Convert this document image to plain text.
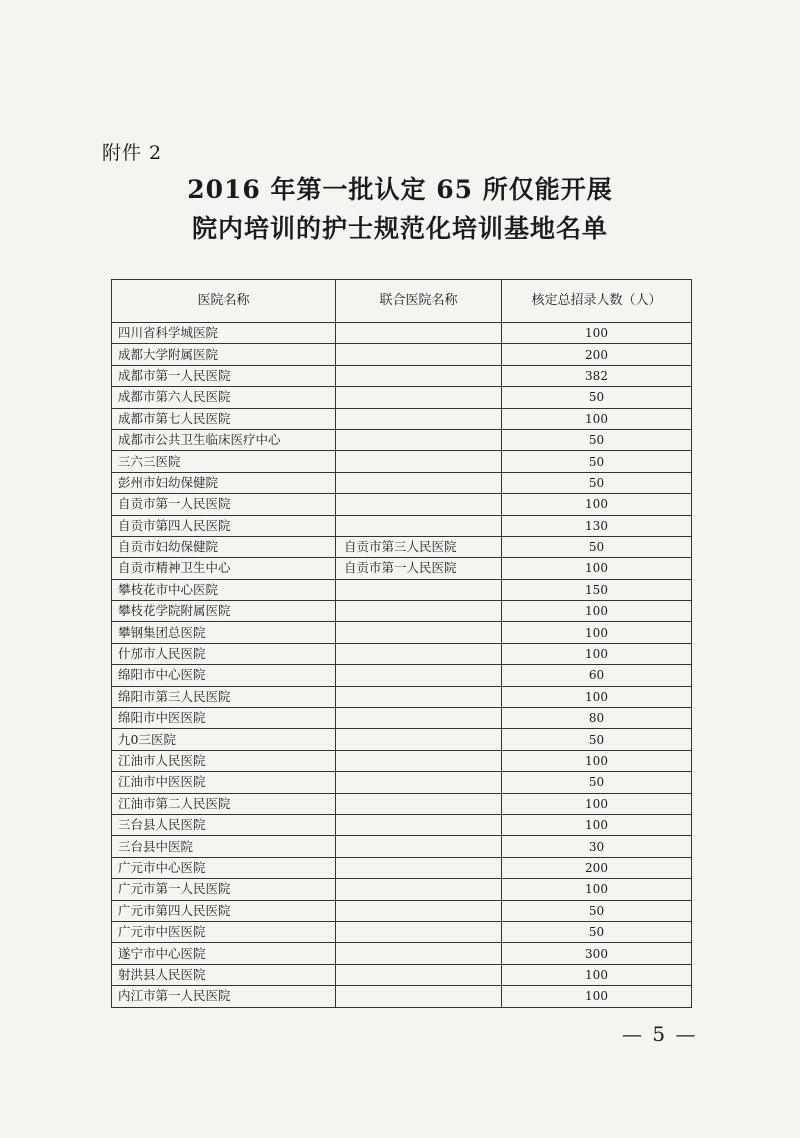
附件 2
2016 年第一批认定 65 所仅能开展
院内培训的护士规范化培训基地名单
医院名称	联合医院名称	核定总招录人数（人）
四川省科学城医院		100
成都大学附属医院		200
成都市第一人民医院		382
成都市第六人民医院		50
成都市第七人民医院		100
成都市公共卫生临床医疗中心		50
三六三医院		50
彭州市妇幼保健院		50
自贡市第一人民医院		100
自贡市第四人民医院		130
自贡市妇幼保健院	自贡市第三人民医院	50
自贡市精神卫生中心	自贡市第一人民医院	100
攀枝花市中心医院		150
攀枝花学院附属医院		100
攀钢集团总医院		100
什邡市人民医院		100
绵阳市中心医院		60
绵阳市第三人民医院		100
绵阳市中医医院		80
九0三医院		50
江油市人民医院		100
江油市中医医院		50
江油市第二人民医院		100
三台县人民医院		100
三台县中医院		30
广元市中心医院		200
广元市第一人民医院		100
广元市第四人民医院		50
广元市中医医院		50
遂宁市中心医院		300
射洪县人民医院		100
内江市第一人民医院		100
— 5 —
